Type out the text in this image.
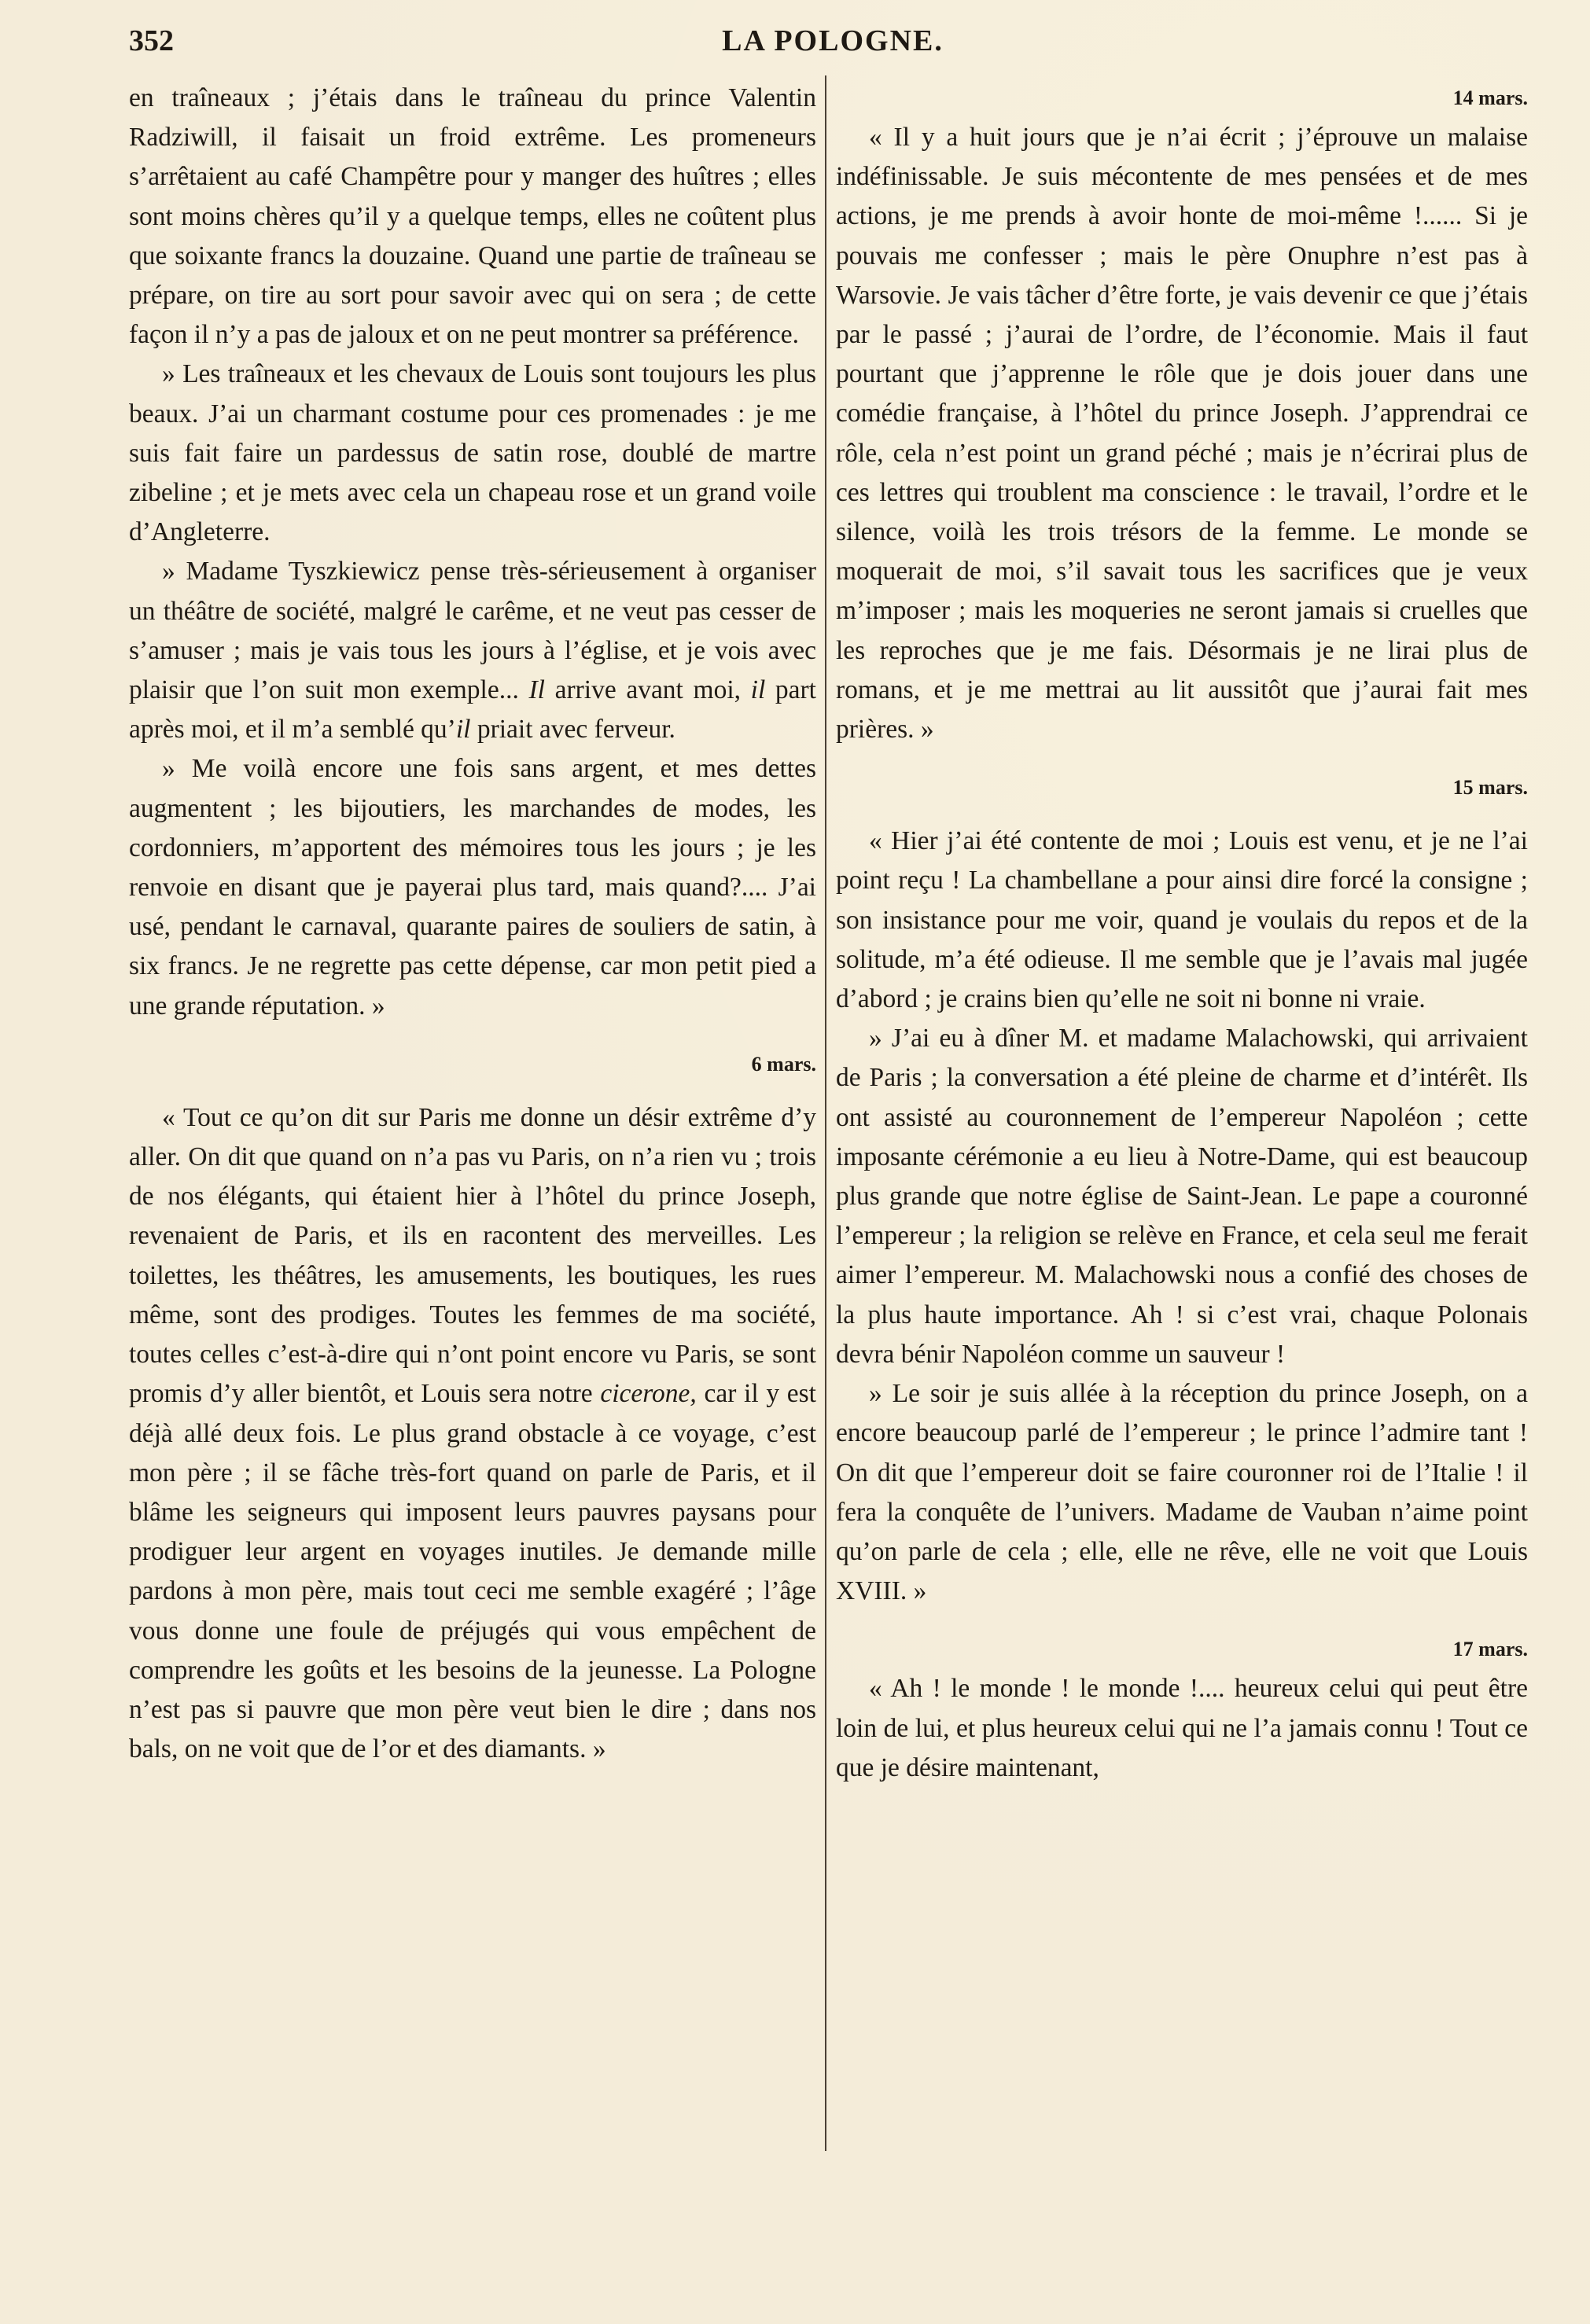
352	LA POLOGNE.

en traîneaux ; j’étais dans le traîneau du prince Valentin Radziwill, il faisait un froid extrême. Les promeneurs s’arrêtaient au café Champêtre pour y manger des huîtres ; elles sont moins chères qu’il y a quelque temps, elles ne coûtent plus que soixante francs la douzaine. Quand une partie de traîneau se prépare, on tire au sort pour savoir avec qui on sera ; de cette façon il n’y a pas de jaloux et on ne peut montrer sa préférence.

» Les traîneaux et les chevaux de Louis sont toujours les plus beaux. J’ai un charmant costume pour ces promenades : je me suis fait faire un pardessus de satin rose, doublé de martre zibeline ; et je mets avec cela un chapeau rose et un grand voile d’Angleterre.

» Madame Tyszkiewicz pense très-sérieusement à organiser un théâtre de société, malgré le carême, et ne veut pas cesser de s’amuser ; mais je vais tous les jours à l’église, et je vois avec plaisir que l’on suit mon exemple... Il arrive avant moi, il part après moi, et il m’a semblé qu’il priait avec ferveur.

» Me voilà encore une fois sans argent, et mes dettes augmentent ; les bijoutiers, les marchandes de modes, les cordonniers, m’apportent des mémoires tous les jours ; je les renvoie en disant que je payerai plus tard, mais quand?.... J’ai usé, pendant le carnaval, quarante paires de souliers de satin, à six francs. Je ne regrette pas cette dépense, car mon petit pied a une grande réputation. »

6 mars.

« Tout ce qu’on dit sur Paris me donne un désir extrême d’y aller. On dit que quand on n’a pas vu Paris, on n’a rien vu ; trois de nos élégants, qui étaient hier à l’hôtel du prince Joseph, revenaient de Paris, et ils en racontent des merveilles. Les toilettes, les théâtres, les amusements, les boutiques, les rues même, sont des prodiges. Toutes les femmes de ma société, toutes celles c’est-à-dire qui n’ont point encore vu Paris, se sont promis d’y aller bientôt, et Louis sera notre cicerone, car il y est déjà allé deux fois. Le plus grand obstacle à ce voyage, c’est mon père ; il se fâche très-fort quand on parle de Paris, et il blâme les seigneurs qui imposent leurs pauvres paysans pour prodiguer leur argent en voyages inutiles. Je demande mille pardons à mon père, mais tout ceci me semble exagéré ; l’âge vous donne une foule de préjugés qui vous empêchent de comprendre les goûts et les besoins de la jeunesse. La Pologne n’est pas si pauvre que mon père veut bien le dire ; dans nos bals, on ne voit que de l’or et des diamants. »

14 mars.

« Il y a huit jours que je n’ai écrit ; j’éprouve un malaise indéfinissable. Je suis mécontente de mes pensées et de mes actions, je me prends à avoir honte de moi-même !...... Si je pouvais me confesser ; mais le père Onuphre n’est pas à Warsovie. Je vais tâcher d’être forte, je vais devenir ce que j’étais par le passé ; j’aurai de l’ordre, de l’économie. Mais il faut pourtant que j’apprenne le rôle que je dois jouer dans une comédie française, à l’hôtel du prince Joseph. J’apprendrai ce rôle, cela n’est point un grand péché ; mais je n’écrirai plus de ces lettres qui troublent ma conscience : le travail, l’ordre et le silence, voilà les trois trésors de la femme. Le monde se moquerait de moi, s’il savait tous les sacrifices que je veux m’imposer ; mais les moqueries ne seront jamais si cruelles que les reproches que je me fais. Désormais je ne lirai plus de romans, et je me mettrai au lit aussitôt que j’aurai fait mes prières. »

15 mars.

« Hier j’ai été contente de moi ; Louis est venu, et je ne l’ai point reçu ! La chambellane a pour ainsi dire forcé la consigne ; son insistance pour me voir, quand je voulais du repos et de la solitude, m’a été odieuse. Il me semble que je l’avais mal jugée d’abord ; je crains bien qu’elle ne soit ni bonne ni vraie.

» J’ai eu à dîner M. et madame Malachowski, qui arrivaient de Paris ; la conversation a été pleine de charme et d’intérêt. Ils ont assisté au couronnement de l’empereur Napoléon ; cette imposante cérémonie a eu lieu à Notre-Dame, qui est beaucoup plus grande que notre église de Saint-Jean. Le pape a couronné l’empereur ; la religion se relève en France, et cela seul me ferait aimer l’empereur. M. Malachowski nous a confié des choses de la plus haute importance. Ah ! si c’est vrai, chaque Polonais devra bénir Napoléon comme un sauveur !

» Le soir je suis allée à la réception du prince Joseph, on a encore beaucoup parlé de l’empereur ; le prince l’admire tant ! On dit que l’empereur doit se faire couronner roi de l’Italie ! il fera la conquête de l’univers. Madame de Vauban n’aime point qu’on parle de cela ; elle, elle ne rêve, elle ne voit que Louis XVIII. »

17 mars.

« Ah ! le monde ! le monde !.... heureux celui qui peut être loin de lui, et plus heureux celui qui ne l’a jamais connu ! Tout ce que je désire maintenant,
